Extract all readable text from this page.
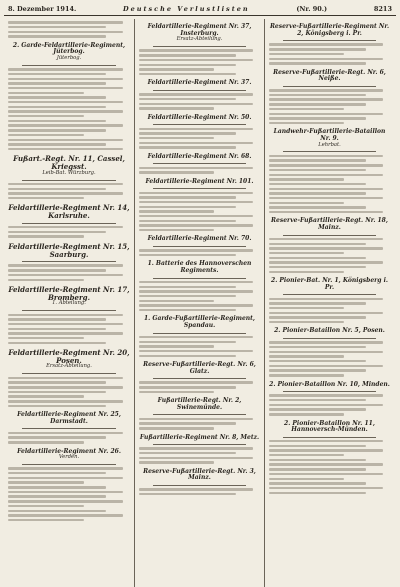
8. Dezember 1914.	Deutsche Verlustlisten	(Nr. 90.)	8213
2. Garde-Feldartillerie-Regiment, Jüterbog.
Jüterbog.
Fußart.-Regt. Nr. 11, Cassel, Kriegsst.
Leib-Bat. Würzburg.
Feldartillerie-Regiment Nr. 14, Karlsruhe.
Feldartillerie-Regiment Nr. 15, Saarburg.
Feldartillerie-Regiment Nr. 17, Bromberg.
1. Abteilung.
Feldartillerie-Regiment Nr. 20, Posen.
Ersatz-Abteilung.
Feldartillerie-Regiment Nr. 25, Darmstadt.
Feldartillerie-Regiment Nr. 26.
Verden.
Feldartillerie-Regiment Nr. 37, Insterburg.
Ersatz-Abteilung.
Feldartillerie-Regiment Nr. 37.
Feldartillerie-Regiment Nr. 50.
Feldartillerie-Regiment Nr. 68.
Feldartillerie-Regiment Nr. 101.
Feldartillerie-Regiment Nr. 70.
1. Batterie des Hannoverschen Regiments.
1. Garde-Fußartillerie-Regiment, Spandau.
Reserve-Fußartillerie-Regt. Nr. 6, Glatz.
Fußartillerie-Regt. Nr. 2, Swinemünde.
Fußartillerie-Regiment Nr. 8, Metz.
Reserve-Fußartillerie-Regt. Nr. 3, Mainz.
Reserve-Fußartillerie-Regiment Nr. 2, Königsberg i. Pr.
Reserve-Fußartillerie-Regt. Nr. 6, Neiße.
Landwehr-Fußartillerie-Bataillon Nr. 9.
Lehrbat.
Reserve-Fußartillerie-Regt. Nr. 18, Mainz.
2. Pionier-Bat. Nr. 1, Königsberg i. Pr.
2. Pionier-Bataillon Nr. 5, Posen.
2. Pionier-Bataillon Nr. 10, Minden.
2. Pionier-Bataillon Nr. 11, Hannoversch-Münden.
